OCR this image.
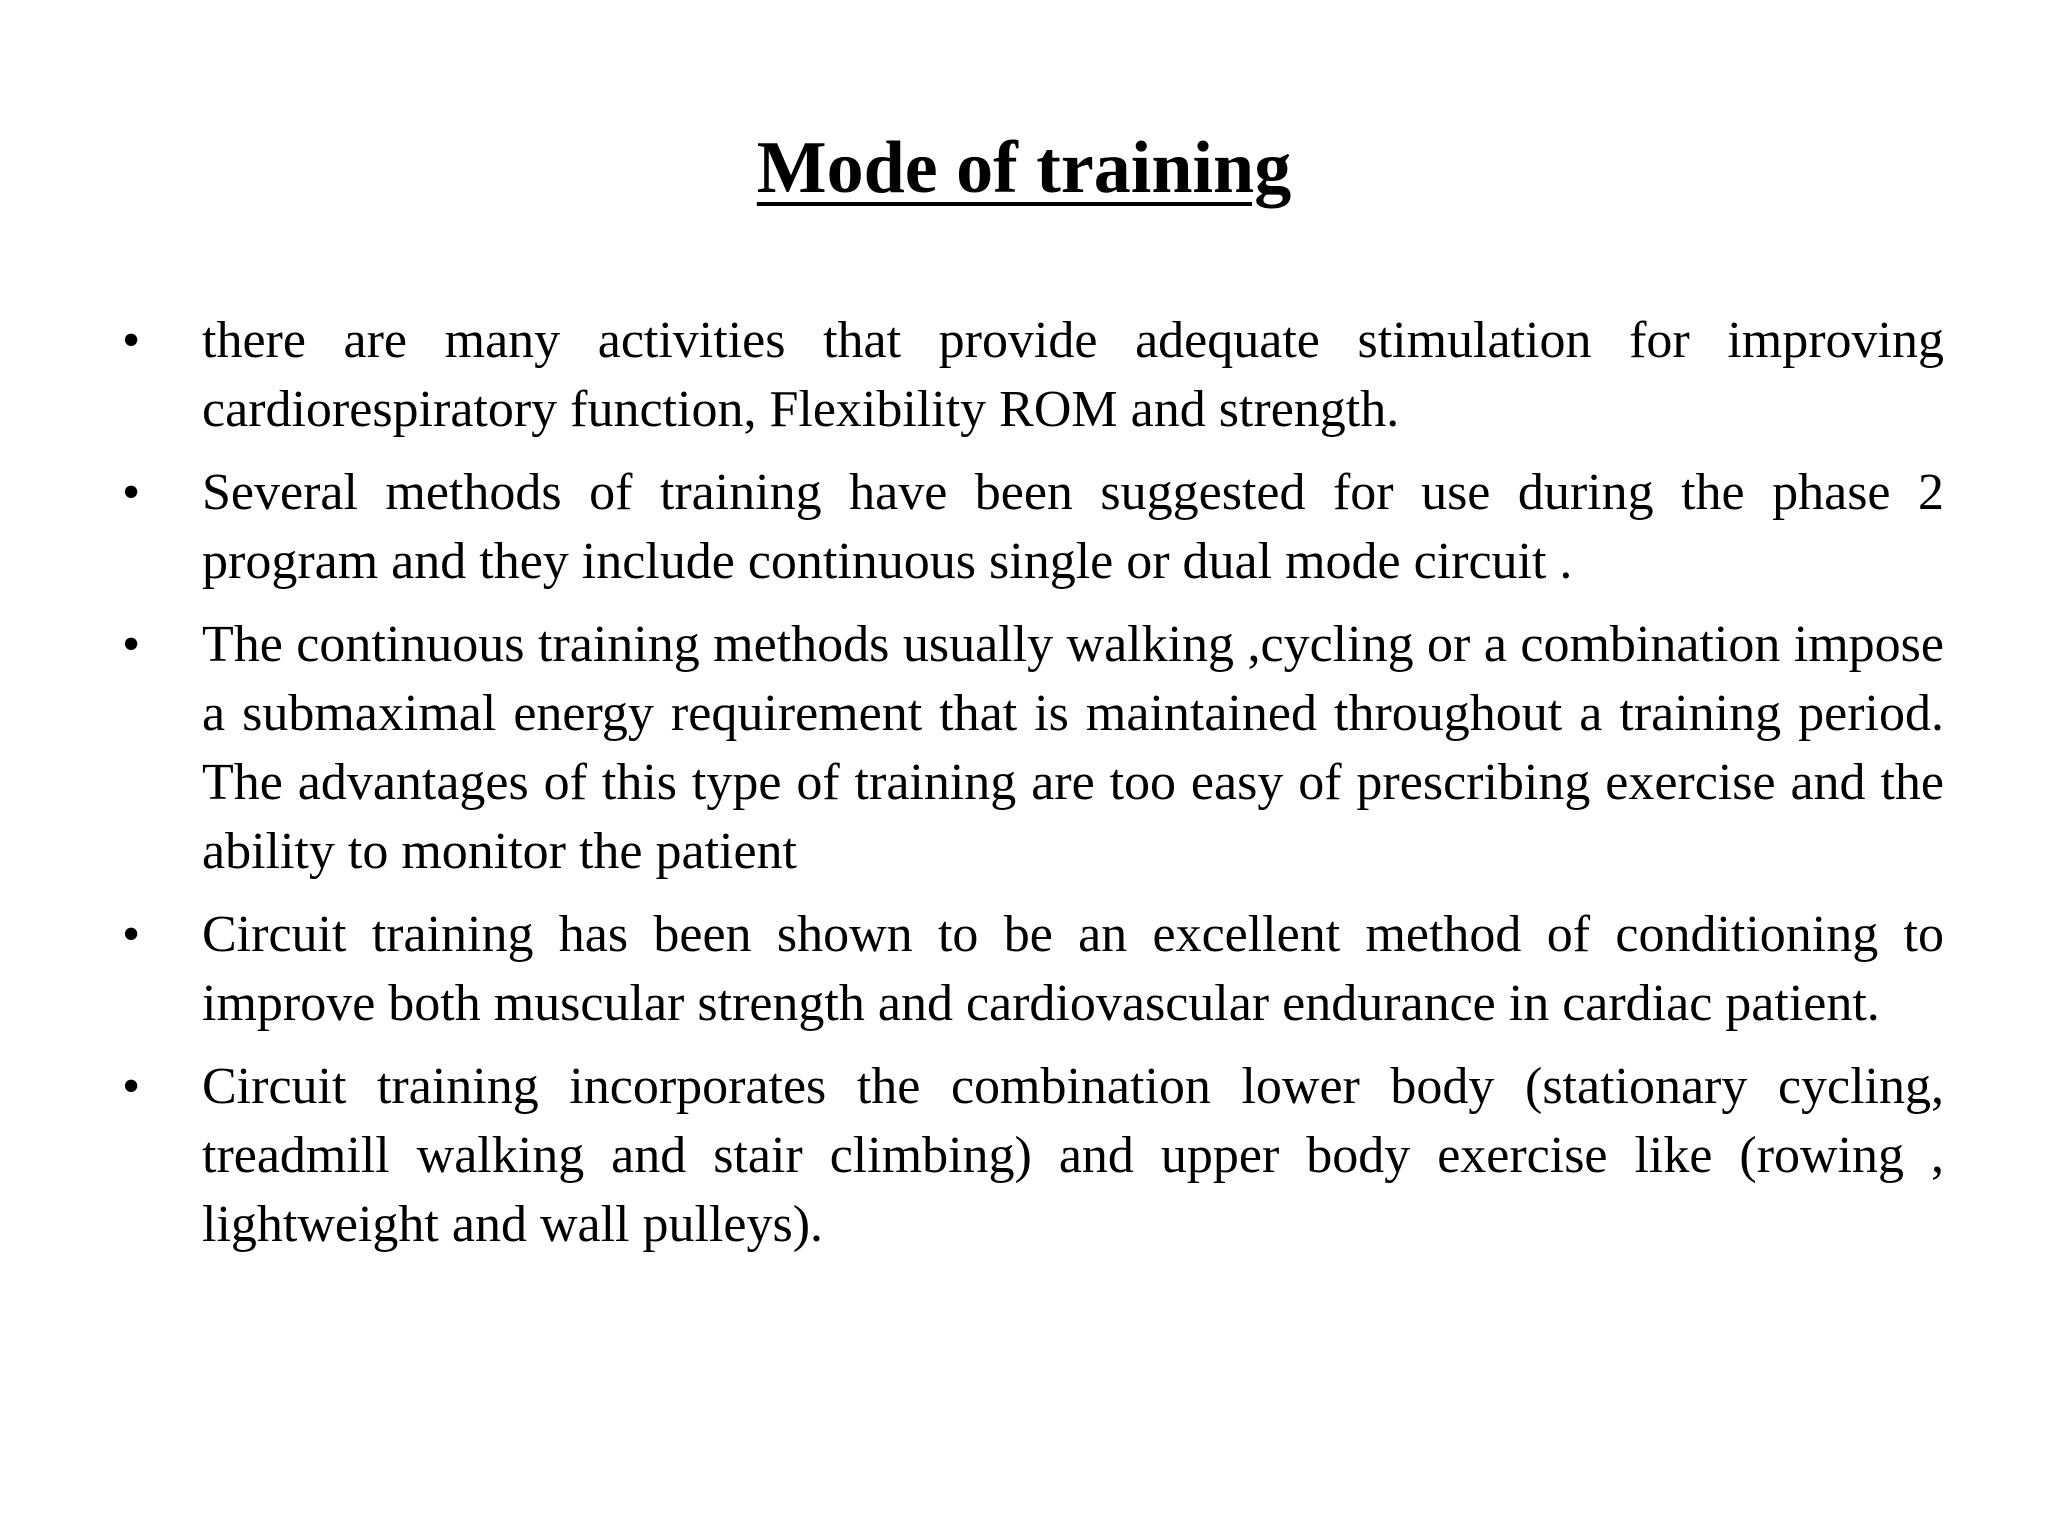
Mode of training
•	there are many activities that provide adequate stimulation for improving cardiorespiratory function, Flexibility ROM and strength.
•	Several methods of training have been suggested for use during the phase 2 program and they include continuous single or dual mode circuit .
•	The continuous training methods usually walking ,cycling or a combination impose a submaximal energy requirement that is maintained throughout a training period. The advantages of this type of training are too easy of prescribing exercise and the ability to monitor the patient
•	Circuit training has been shown to be an excellent method of conditioning to improve both muscular strength and cardiovascular endurance in cardiac patient.
•	Circuit training incorporates the combination lower body (stationary cycling, treadmill walking and stair climbing) and upper body exercise like (rowing , lightweight and wall pulleys).
